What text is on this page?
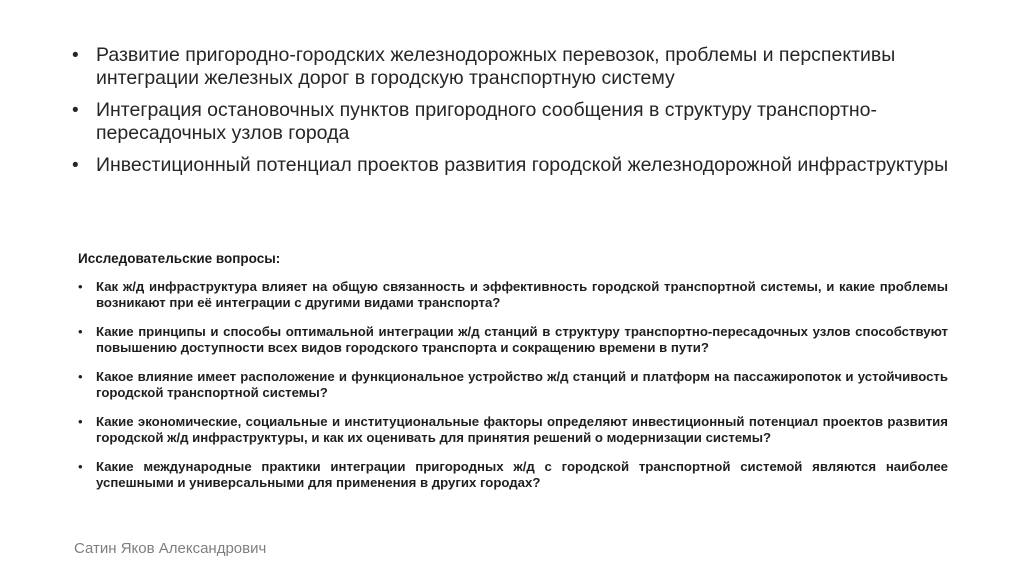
• Развитие пригородно-городских железнодорожных перевозок, проблемы и перспективы интеграции железных дорог в городскую транспортную систему
• Интеграция остановочных пунктов пригородного сообщения в структуру транспортно-пересадочных узлов города
• Инвестиционный потенциал проектов развития городской железнодорожной инфраструктуры
Исследовательские вопросы:
• Как ж/д инфраструктура влияет на общую связанность и эффективность городской транспортной системы, и какие проблемы возникают при её интеграции с другими видами транспорта?
• Какие принципы и способы оптимальной интеграции ж/д станций в структуру транспортно-пересадочных узлов способствуют повышению доступности всех видов городского транспорта и сокращению времени в пути?
• Какое влияние имеет расположение и функциональное устройство ж/д станций и платформ на пассажиропоток и устойчивость городской транспортной системы?
• Какие экономические, социальные и институциональные факторы определяют инвестиционный потенциал проектов развития городской ж/д инфраструктуры, и как их оценивать для принятия решений о модернизации системы?
• Какие международные практики интеграции пригородных ж/д с городской транспортной системой являются наиболее успешными и универсальными для применения в других городах?
Сатин Яков Александрович
